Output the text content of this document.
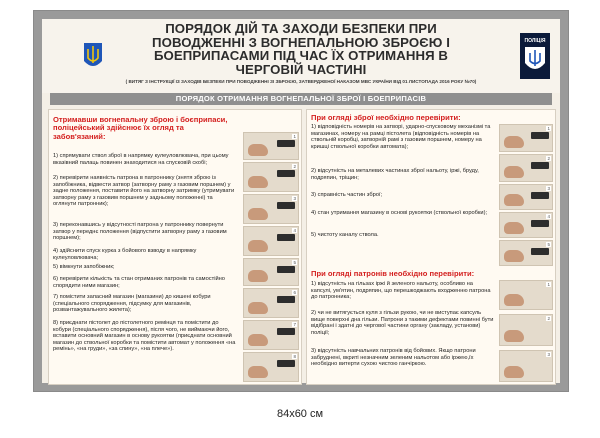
ПОРЯДОК ДІЙ ТА ЗАХОДИ БЕЗПЕКИ ПРИ ПОВОДЖЕННІ З ВОГНЕПАЛЬНОЮ ЗБРОЄЮ І БОЕПРИПАСАМИ ПІД ЧАС ЇХ ОТРИМАННЯ В ЧЕРГОВІЙ ЧАСТИНІ
( ВИТЯГ З ІНСТРУКЦІЇ ІЗ ЗАХОДІВ БЕЗПЕКИ ПРИ ПОВОДЖЕННІ ЗІ ЗБРОЄЮ, ЗАТВЕРДЖЕНОЇ НАКАЗОМ МВС УКРАЇНИ ВІД 01 ЛИСТОПАДА 2016 РОКУ №70)
ПОЛІЦІЯ
ПОРЯДОК ОТРИМАННЯ ВОГНЕПАЛЬНОЇ ЗБРОЇ І БОЕПРИПАСІВ
Отримавши вогнепальну зброю і боєприпаси, поліцейський здійснює їх огляд та забов'язаний:
1) спрямувати ствол зброї в напрямку кулеуловлювача, при цьому вказівний палаць повинен знаходитися на спусковій скобі;
2) перевірити наявність патрона в патроннику (знятя зброю із запобіжника, відвести затвор (затворну раму з газовим поршнем) у задне положення, поставити його на затворну затримку (утримувати затворну раму з газовим поршнем у задньому положенні) та оглянути патронник);
3) переконавшись у відсутності патрона у патроннику повернути затвор у переднє положення (відпустити затворну раму з газовим поршнем);
4) здійснити спуск курка з бойового взводу в напрямку кулеуловлювача;
5) вімкнути запобіжник;
6) перевірити кількість та стан отриманих патронів та самостійно спорядити ними магазин;
7) помістити запасний магазин (магазини) до кишені кобури (спеціального спорядження, підсумку для магазинів, розвантажувального жилета);
8) приєднати пістолет до пістолетного ремінця та помістити до кобури (спеціального спорядження), після чого, не виймаючи його, вставити основний магазин в основу рукоятки (приєднати основний магазин до ствольної коробки та помістити автомат у положення «на ремінь», «на груди», «за спину», «на плече»).
1
2
3
4
5
6
7
8
При огляді зброї необхідно перевірити:
1) відповідність номерів на затворі, ударно-спусковому механізмі та магазинах, номеру на рамці пістолета (відповідність номерів на ствольній коробці, затворній рамі з газовим поршнем, номеру на кришці ствольної коробки автомата);
2) відсутність на металевих частинах зброї нальоту, іржі, бруду, подряпин, тріщин;
3) справність частин зброї;
4) стан утримання магазину в основі рукоятки (ствольної коробки);
5) чистоту каналу ствола.
При огляді патронів необхідно перевірити:
1) відсутність на гільзах іржі й зеленого нальоту, особливо на капсулі, ум'ятин, подряпин, що перешкоджають входженню патрона до патронника;
2) чи не витягується куля з гільзи рукою, чи не виступає капсуль вище поверхні дна гільзи. Патрони з такими дефектами повинні бути відібрані і здатні до чергової частини органу (закладу, установи) поліції;
3) відсутність навчальних патронів від бойових. Якщо патрони забруднені, вкриті незначним зеленим нальотом або іржею,їх необхідно витерти сухою чистою ганчіркою.
1
2
3
4
5
1
2
3
84x60 см
